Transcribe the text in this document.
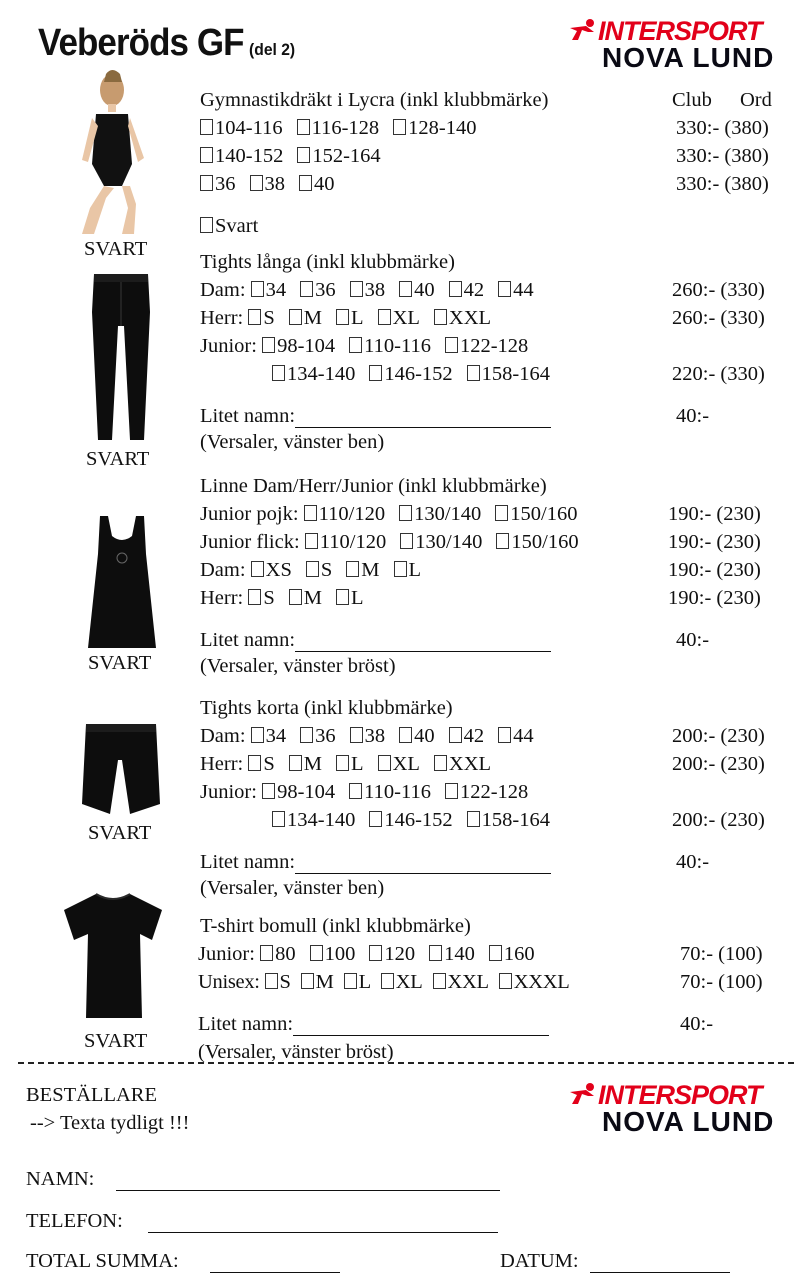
Veberöds GF (del 2)
INTERSPORT
NOVA LUND
SVART
Gymnastikdräkt i Lycra (inkl klubbmärke)	Club Ord
104-116 116-128 128-140	330:- (380)
140-152 152-164	330:- (380)
36 38 40	330:- (380)
Svart
SVART
Tights långa (inkl klubbmärke)
Dam: 34 36 38 40 42 44	260:- (330)
Herr: S M L XL XXL	260:- (330)
Junior: 98-104 110-116 122-128
134-140 146-152 158-164	220:- (330)
Litet namn:	40:-
(Versaler, vänster ben)
SVART
Linne Dam/Herr/Junior (inkl klubbmärke)
Junior pojk: 110/120 130/140 150/160	190:- (230)
Junior flick: 110/120 130/140 150/160	190:- (230)
Dam: XS S M L	190:- (230)
Herr: S M L	190:- (230)
Litet namn:	40:-
(Versaler, vänster bröst)
SVART
Tights korta (inkl klubbmärke)
Dam: 34 36 38 40 42 44	200:- (230)
Herr: S M L XL XXL	200:- (230)
Junior: 98-104 110-116 122-128
134-140 146-152 158-164	200:- (230)
Litet namn:	40:-
(Versaler, vänster ben)
SVART
T-shirt bomull (inkl klubbmärke)
Junior: 80 100 120 140 160	70:- (100)
Unisex: S M L XL XXL XXXL	70:- (100)
Litet namn:	40:-
(Versaler, vänster bröst)
BESTÄLLARE
--> Texta tydligt !!!
INTERSPORT
NOVA LUND
NAMN:
TELEFON:
TOTAL SUMMA:	DATUM:
